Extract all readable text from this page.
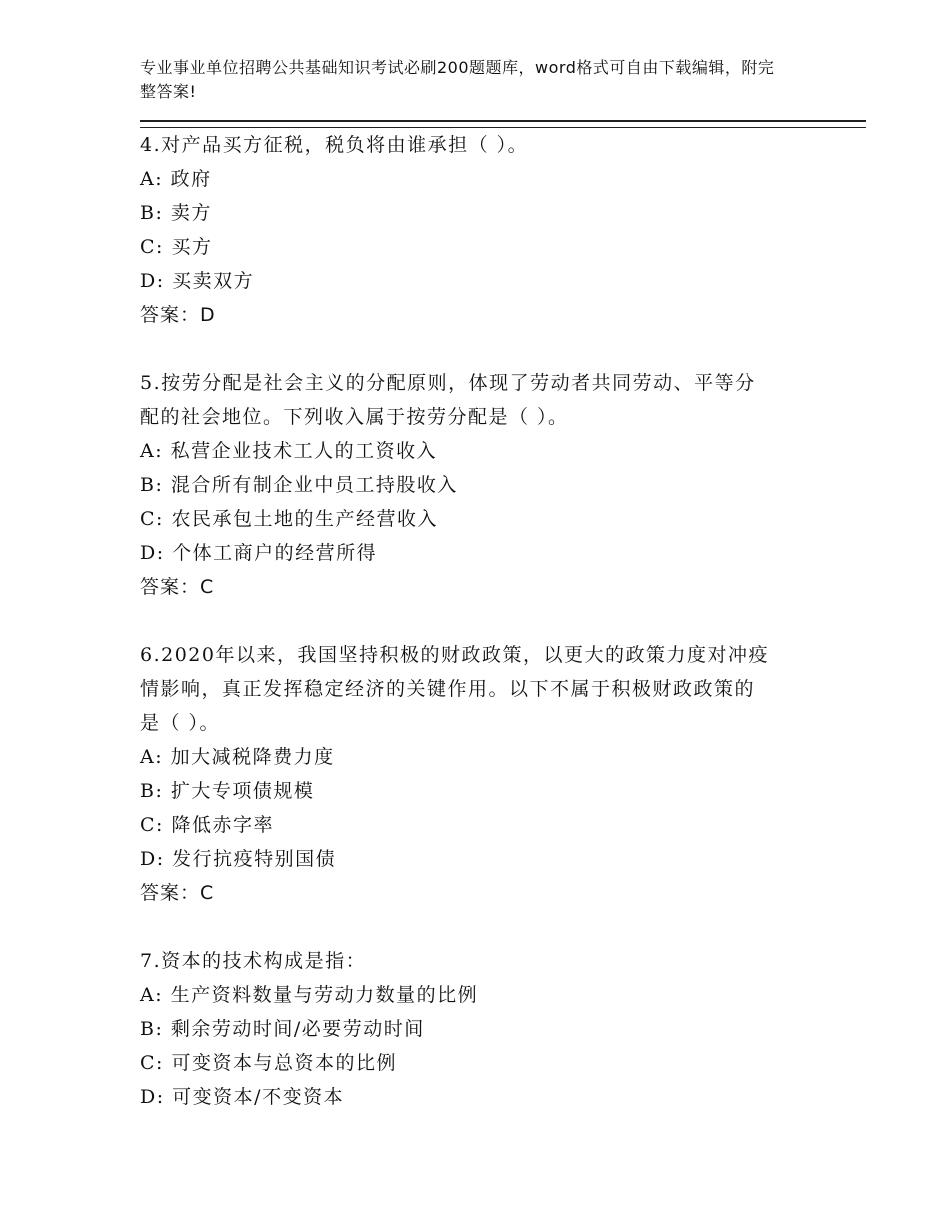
专业事业单位招聘公共基础知识考试必刷200题题库，word格式可自由下载编辑，附完整答案!

4.对产品买方征税，税负将由谁承担（ ）。

A: 政府

B: 卖方

C: 买方

D: 买卖双方

答案：D

5.按劳分配是社会主义的分配原则，体现了劳动者共同劳动、平等分

配的社会地位。下列收入属于按劳分配是（ ）。

A: 私营企业技术工人的工资收入

B: 混合所有制企业中员工持股收入

C: 农民承包土地的生产经营收入

D: 个体工商户的经营所得

答案：C

6.2020年以来，我国坚持积极的财政政策，以更大的政策力度对冲疫

情影响，真正发挥稳定经济的关键作用。以下不属于积极财政政策的

是（ ）。

A: 加大减税降费力度

B: 扩大专项债规模

C: 降低赤字率

D: 发行抗疫特别国债

答案：C

7.资本的技术构成是指：

A: 生产资料数量与劳动力数量的比例

B: 剩余劳动时间/必要劳动时间

C: 可变资本与总资本的比例

D: 可变资本/不变资本
